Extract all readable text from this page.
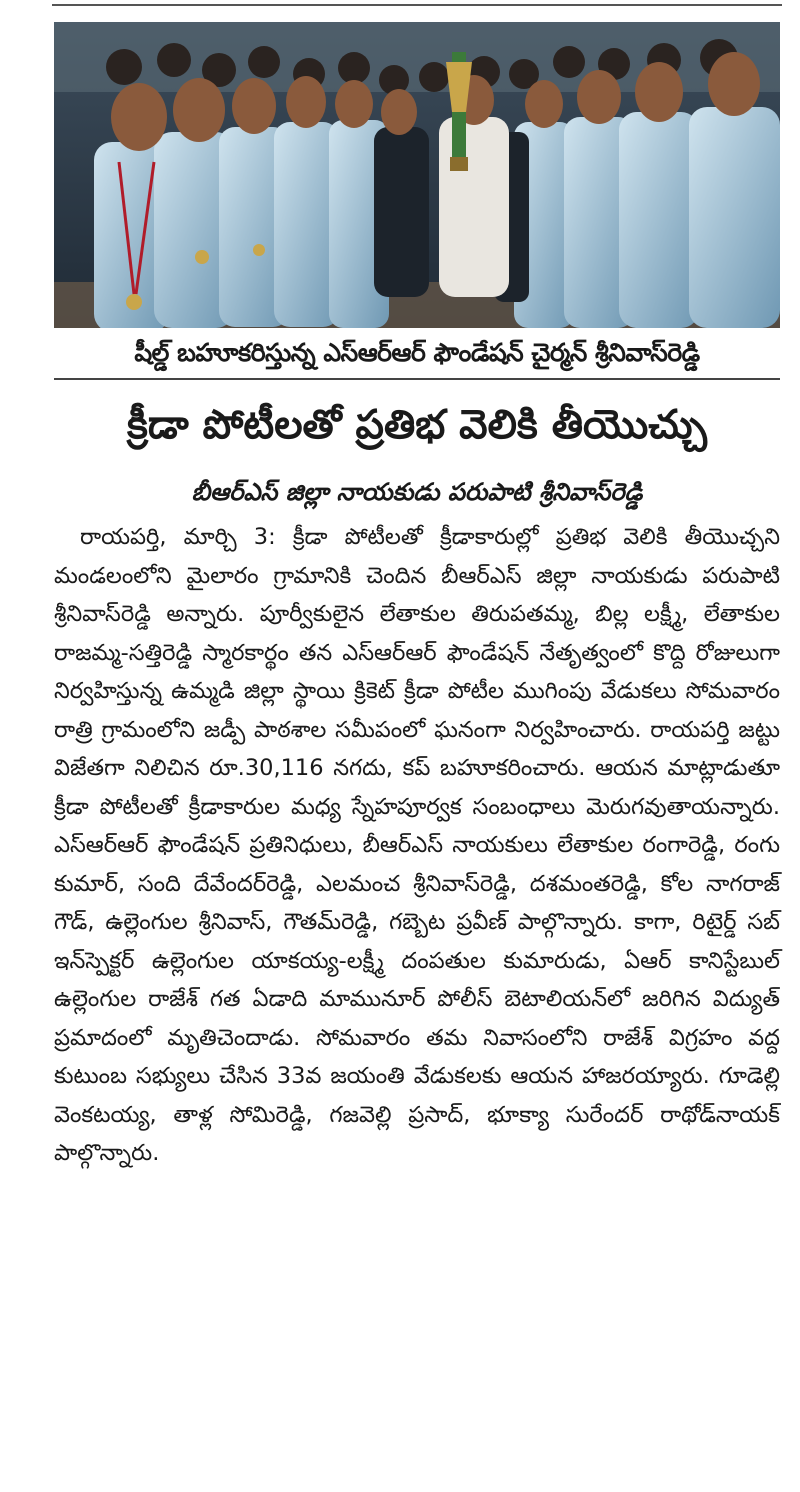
షీల్డ్ బహూకరిస్తున్న ఎస్ఆర్ఆర్ ఫౌండేషన్ చైర్మన్ శ్రీనివాస్‌రెడ్డి
క్రీడా పోటీలతో ప్రతిభ వెలికి తీయొచ్చు
బీఆర్ఎస్ జిల్లా నాయకుడు పరుపాటి శ్రీనివాస్‌రెడ్డి

రాయపర్తి, మార్చి 3: క్రీడా పోటీలతో క్రీడాకారుల్లో ప్రతిభ వెలికి తీయొచ్చని మండలంలోని మైలారం గ్రామానికి చెందిన బీఆర్ఎస్ జిల్లా నాయకుడు పరుపాటి శ్రీనివాస్‌రెడ్డి అన్నారు. పూర్వీకులైన లేతాకుల తిరుపతమ్మ, బిల్ల లక్ష్మీ, లేతాకుల రాజమ్మ-సత్తిరెడ్డి స్మారకార్థం తన ఎస్ఆర్ఆర్ ఫౌండేషన్ నేతృత్వంలో కొద్ది రోజులుగా నిర్వహిస్తున్న ఉమ్మడి జిల్లా స్థాయి క్రికెట్ క్రీడా పోటీల ముగింపు వేడుకలు సోమవారం రాత్రి గ్రామంలోని జడ్పీ పాఠశాల సమీపంలో ఘనంగా నిర్వహించారు. రాయపర్తి జట్టు విజేతగా నిలిచిన రూ.30,116 నగదు, కప్ బహూకరించారు. ఆయన మాట్లాడుతూ క్రీడా పోటీలతో క్రీడాకారుల మధ్య స్నేహపూర్వక సంబంధాలు మెరుగవుతాయన్నారు. ఎస్ఆర్ఆర్ ఫౌండేషన్ ప్రతినిధులు, బీఆర్ఎస్ నాయకులు లేతాకుల రంగారెడ్డి, రంగు కుమార్, సంది దేవేందర్‌రెడ్డి, ఎలమంచ శ్రీనివాస్‌రెడ్డి, దశమంతరెడ్డి, కోల నాగరాజ్ గౌడ్, ఉల్లెంగుల శ్రీనివాస్, గౌతమ్‌రెడ్డి, గబ్బెట ప్రవీణ్ పాల్గొన్నారు. కాగా, రిటైర్డ్ సబ్ ఇన్‌స్పెక్టర్ ఉల్లెంగుల యాకయ్య-లక్ష్మీ దంపతుల కుమారుడు, ఏఆర్ కానిస్టేబుల్ ఉల్లెంగుల రాజేశ్ గత ఏడాది మామునూర్ పోలీస్ బెటాలియన్‌లో జరిగిన విద్యుత్ ప్రమాదంలో మృతిచెందాడు. సోమవారం తమ నివాసంలోని రాజేశ్ విగ్రహం వద్ద కుటుంబ సభ్యులు చేసిన 33వ జయంతి వేడుకలకు ఆయన హాజరయ్యారు. గూడెల్లి వెంకటయ్య, తాళ్ల సోమిరెడ్డి, గజవెల్లి ప్రసాద్, భూక్యా సురేందర్ రాథోడ్‌నాయక్ పాల్గొన్నారు.
